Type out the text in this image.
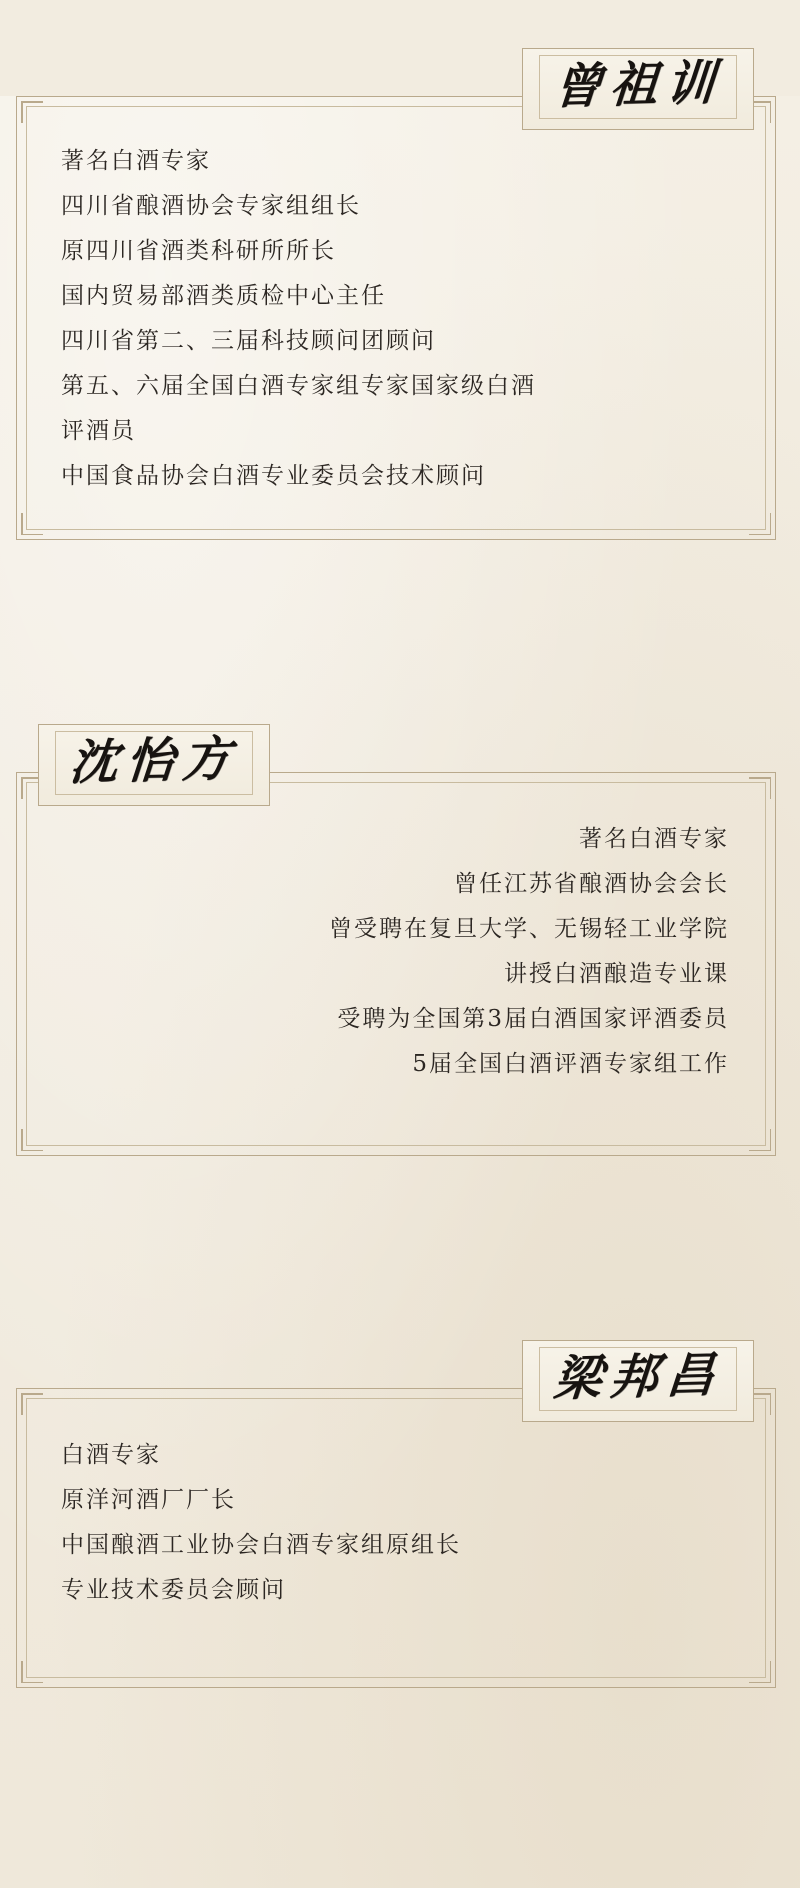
曾祖训
著名白酒专家
四川省酿酒协会专家组组长
原四川省酒类科研所所长
国内贸易部酒类质检中心主任
四川省第二、三届科技顾问团顾问
第五、六届全国白酒专家组专家国家级白酒
评酒员
中国食品协会白酒专业委员会技术顾问
沈怡方
著名白酒专家
曾任江苏省酿酒协会会长
曾受聘在复旦大学、无锡轻工业学院
讲授白酒酿造专业课
受聘为全国第3届白酒国家评酒委员
5届全国白酒评酒专家组工作
梁邦昌
白酒专家
原洋河酒厂厂长
中国酿酒工业协会白酒专家组原组长
专业技术委员会顾问
